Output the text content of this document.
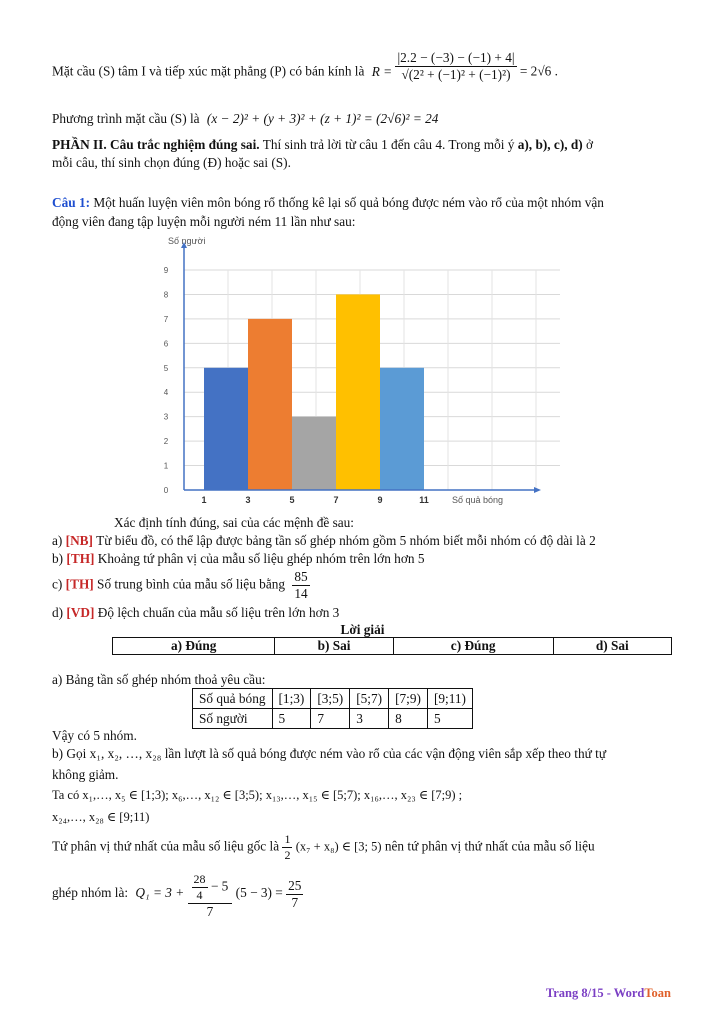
Mặt cầu (S) tâm I và tiếp xúc mặt phẳng (P) có bán kính là $R = \frac{|2.2 - (-3) - (-1) + 4|}{\text{√(2² + (−1)² + (−1)²)}} = 2√6$ .
Phương trình mặt cầu (S) là (x − 2)² + (y + 3)² + (z + 1)² = (2√6)² = 24
PHẦN II. Câu trắc nghiệm đúng sai. Thí sinh trả lời từ câu 1 đến câu 4. Trong mỗi ý a), b), c), d) ở
mỗi câu, thí sinh chọn đúng (Đ) hoặc sai (S).
Câu 1: Một huấn luyện viên môn bóng rổ thống kê lại số quả bóng được ném vào rổ của một nhóm vận
động viên đang tập luyện mỗi người ném 11 lần như sau:
0
1
2
3
4
5
6
7
8
9
Số người
1	3	5	7	9	11	Số quả bóng
Xác định tính đúng, sai của các mệnh đề sau:
a) [NB] Từ biểu đồ, có thể lập được bảng tần số ghép nhóm gồm 5 nhóm biết mỗi nhóm có độ dài là 2
b) [TH] Khoảng tứ phân vị của mẫu số liệu ghép nhóm trên lớn hơn 5
c) [TH] Số trung bình của mẫu số liệu bằng $\frac{85}{14}$
d) [VD] Độ lệch chuẩn của mẫu số liệu trên lớn hơn 3
Lời giải
a) Đúng	b) Sai	c) Đúng	d) Sai
a) Bảng tần số ghép nhóm thoả yêu cầu:
Số quả bóng	[1;3)	[3;5)	[5;7)	[7;9)	[9;11)
Số người	5	7	3	8	5
Vậy có 5 nhóm.
b) Gọi x₁, x₂, …, x₂₈ lần lượt là số quả bóng được ném vào rổ của các vận động viên sắp xếp theo thứ tự
không giảm.
Ta có x₁,…, x₅ ∈ [1;3); x₆,…, x₁₂ ∈ [3;5); x₁₃,…, x₁₅ ∈ [5;7); x₁₆,…, x₂₃ ∈ [7;9) ;
x₂₄,…, x₂₈ ∈ [9;11)
Tứ phân vị thứ nhất của mẫu số liệu gốc là $\frac{1}{2} (x_7 + x_8)$ ∈ [3; 5) nên tứ phân vị thứ nhất của mẫu số liệu
ghép nhóm là: $Q_1 = 3 + \frac{\frac{28}{4} - 5}{7} (5 - 3) = \frac{25}{7}$
Trang 8/15 - WordToan
